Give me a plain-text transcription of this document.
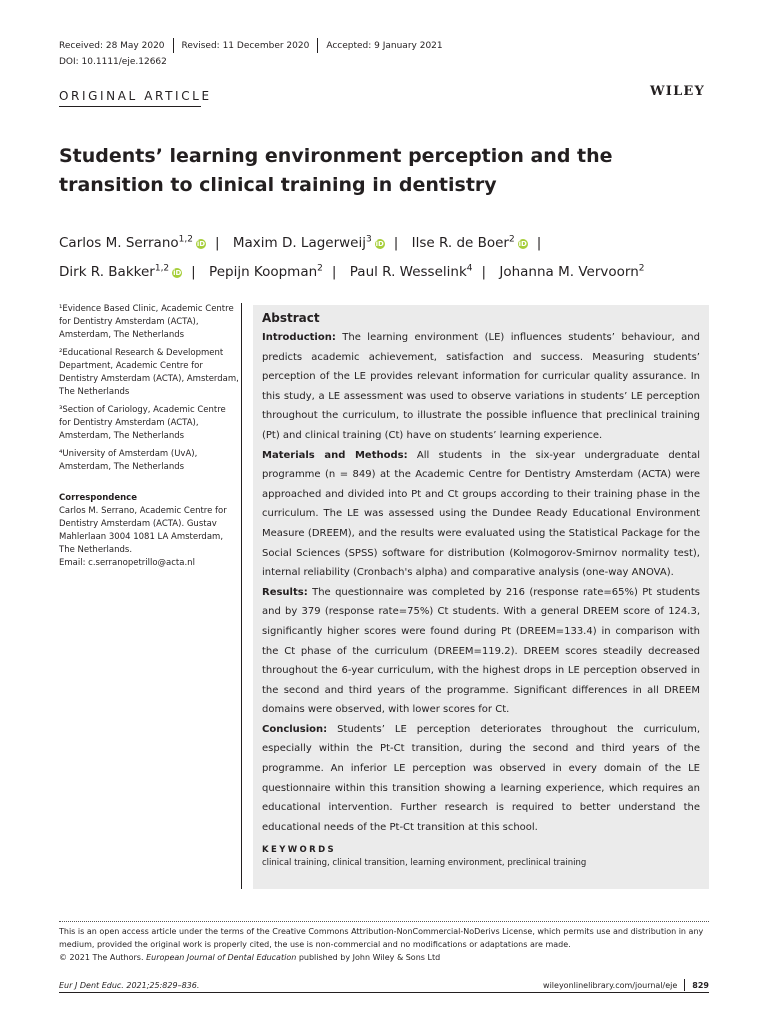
Received: 28 May 2020 Revised: 11 December 2020 Accepted: 9 January 2021
DOI: 10.1111/eje.12662
ORIGINAL ARTICLE	WILEY
Students’ learning environment perception and the transition to clinical training in dentistry
Carlos M. Serrano$^{1,2}$ iD | Maxim D. Lagerweij$^3$ iD | Ilse R. de Boer$^2$ iD |
Dirk R. Bakker$^{1,2}$ iD | Pepijn Koopman$^2$ | Paul R. Wesselink$^4$ | Johanna M. Vervoorn$^2$

¹Evidence Based Clinic, Academic Centre for Dentistry Amsterdam (ACTA), Amsterdam, The Netherlands

²Educational Research & Development Department, Academic Centre for Dentistry Amsterdam (ACTA), Amsterdam, The Netherlands

³Section of Cariology, Academic Centre for Dentistry Amsterdam (ACTA), Amsterdam, The Netherlands

⁴University of Amsterdam (UvA), Amsterdam, The Netherlands

Correspondence

Carlos M. Serrano, Academic Centre for Dentistry Amsterdam (ACTA). Gustav Mahlerlaan 3004 1081 LA Amsterdam, The Netherlands.

Email: c.serranopetrillo@acta.nl

Abstract

Introduction: The learning environment (LE) influences students’ behaviour, and predicts academic achievement, satisfaction and success. Measuring students’ perception of the LE provides relevant information for curricular quality assurance. In this study, a LE assessment was used to observe variations in students’ LE perception throughout the curriculum, to illustrate the possible influence that preclinical training (Pt) and clinical training (Ct) have on students’ learning experience.

Materials and Methods: All students in the six-year undergraduate dental programme (n = 849) at the Academic Centre for Dentistry Amsterdam (ACTA) were approached and divided into Pt and Ct groups according to their training phase in the curriculum. The LE was assessed using the Dundee Ready Educational Environment Measure (DREEM), and the results were evaluated using the Statistical Package for the Social Sciences (SPSS) software for distribution (Kolmogorov-Smirnov normality test), internal reliability (Cronbach's alpha) and comparative analysis (one-way ANOVA).

Results: The questionnaire was completed by 216 (response rate=65%) Pt students and by 379 (response rate=75%) Ct students. With a general DREEM score of 124.3, significantly higher scores were found during Pt (DREEM=133.4) in comparison with the Ct phase of the curriculum (DREEM=119.2). DREEM scores steadily decreased throughout the 6-year curriculum, with the highest drops in LE perception observed in the second and third years of the programme. Significant differences in all DREEM domains were observed, with lower scores for Ct.

Conclusion: Students’ LE perception deteriorates throughout the curriculum, especially within the Pt-Ct transition, during the second and third years of the programme. An inferior LE perception was observed in every domain of the LE questionnaire within this transition showing a learning experience, which requires an educational intervention. Further research is required to better understand the educational needs of the Pt-Ct transition at this school.

KEYWORDS
clinical training, clinical transition, learning environment, preclinical training
This is an open access article under the terms of the Creative Commons Attribution-NonCommercial-NoDerivs License, which permits use and distribution in any medium, provided the original work is properly cited, the use is non-commercial and no modifications or adaptations are made.
© 2021 The Authors. European Journal of Dental Education published by John Wiley & Sons Ltd
Eur J Dent Educ. 2021;25:829–836.	wileyonlinelibrary.com/journal/eje 829
